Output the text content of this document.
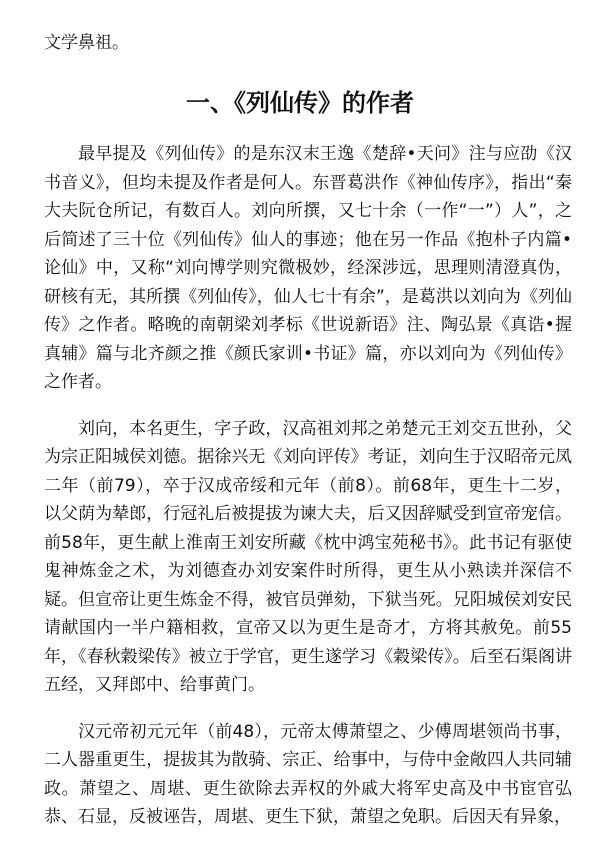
文学鼻祖。

一、《列仙传》的作者

最早提及《列仙传》的是东汉末王逸《楚辞•天问》注与应劭《汉书音义》，但均未提及作者是何人。东晋葛洪作《神仙传序》，指出“秦大夫阮仓所记，有数百人。刘向所撰，又七十余（一作“一”）人”，之后简述了三十位《列仙传》仙人的事迹；他在另一作品《抱朴子内篇•论仙》中，又称“刘向博学则究微极妙，经深涉远，思理则清澄真伪，研核有无，其所撰《列仙传》，仙人七十有余”，是葛洪以刘向为《列仙传》之作者。略晚的南朝梁刘孝标《世说新语》注、陶弘景《真诰•握真辅》篇与北齐颜之推《颜氏家训•书证》篇，亦以刘向为《列仙传》之作者。

刘向，本名更生，字子政，汉高祖刘邦之弟楚元王刘交五世孙，父为宗正阳城侯刘德。据徐兴无《刘向评传》考证，刘向生于汉昭帝元凤二年（前79），卒于汉成帝绥和元年（前8）。前68年，更生十二岁，以父荫为辇郎，行冠礼后被提拔为谏大夫，后又因辞赋受到宣帝宠信。前58年，更生献上淮南王刘安所藏《枕中鸿宝苑秘书》。此书记有驱使鬼神炼金之术，为刘德查办刘安案件时所得，更生从小熟读并深信不疑。但宣帝让更生炼金不得，被官员弹劾，下狱当死。兄阳城侯刘安民请献国内一半户籍相救，宣帝又以为更生是奇才，方将其赦免。前55年，《春秋穀梁传》被立于学官，更生遂学习《穀梁传》。后至石渠阁讲五经，又拜郎中、给事黄门。

汉元帝初元元年（前48），元帝太傅萧望之、少傅周堪领尚书事，二人器重更生，提拔其为散骑、宗正、给事中，与侍中金敞四人共同辅政。萧望之、周堪、更生欲除去弄权的外戚大将军史高及中书宦官弘恭、石显，反被诬告，周堪、更生下狱，萧望之免职。后因天有异象，
